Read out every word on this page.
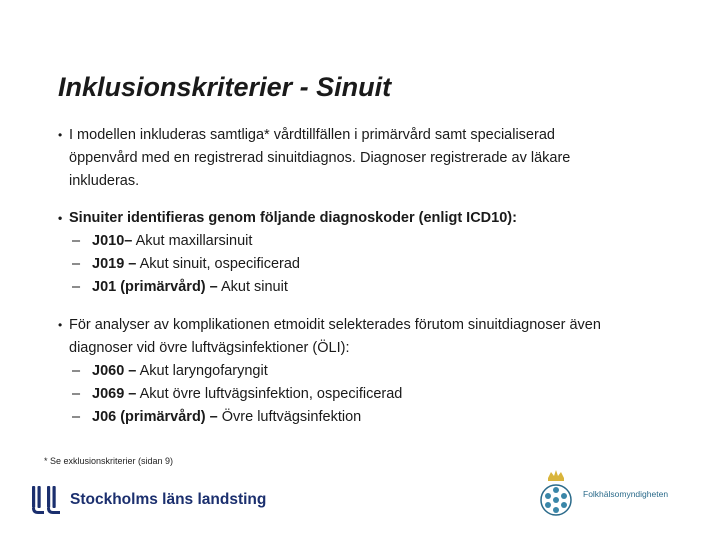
Inklusionskriterier - Sinuit
• I modellen inkluderas samtliga* vårdtillfällen i primärvård samt specialiserad
öppenvård med en registrerad sinuitdiagnos. Diagnoser registrerade av läkare
inkluderas.
• Sinuiter identifieras genom följande diagnoskoder (enligt ICD10):
– J010– Akut maxillarsinuit
– J019 – Akut sinuit, ospecificerad
– J01 (primärvård) – Akut sinuit
• För analyser av komplikationen etmoidit selekterades förutom sinuitdiagnoser även
diagnoser vid övre luftvägsinfektioner (ÖLI):
– J060 – Akut laryngofaryngit
– J069 – Akut övre luftvägsinfektion, ospecificerad
– J06 (primärvård) – Övre luftvägsinfektion
* Se exklusionskriterier (sidan 9)
Stockholms läns landsting	Folkhälsomyndigheten
